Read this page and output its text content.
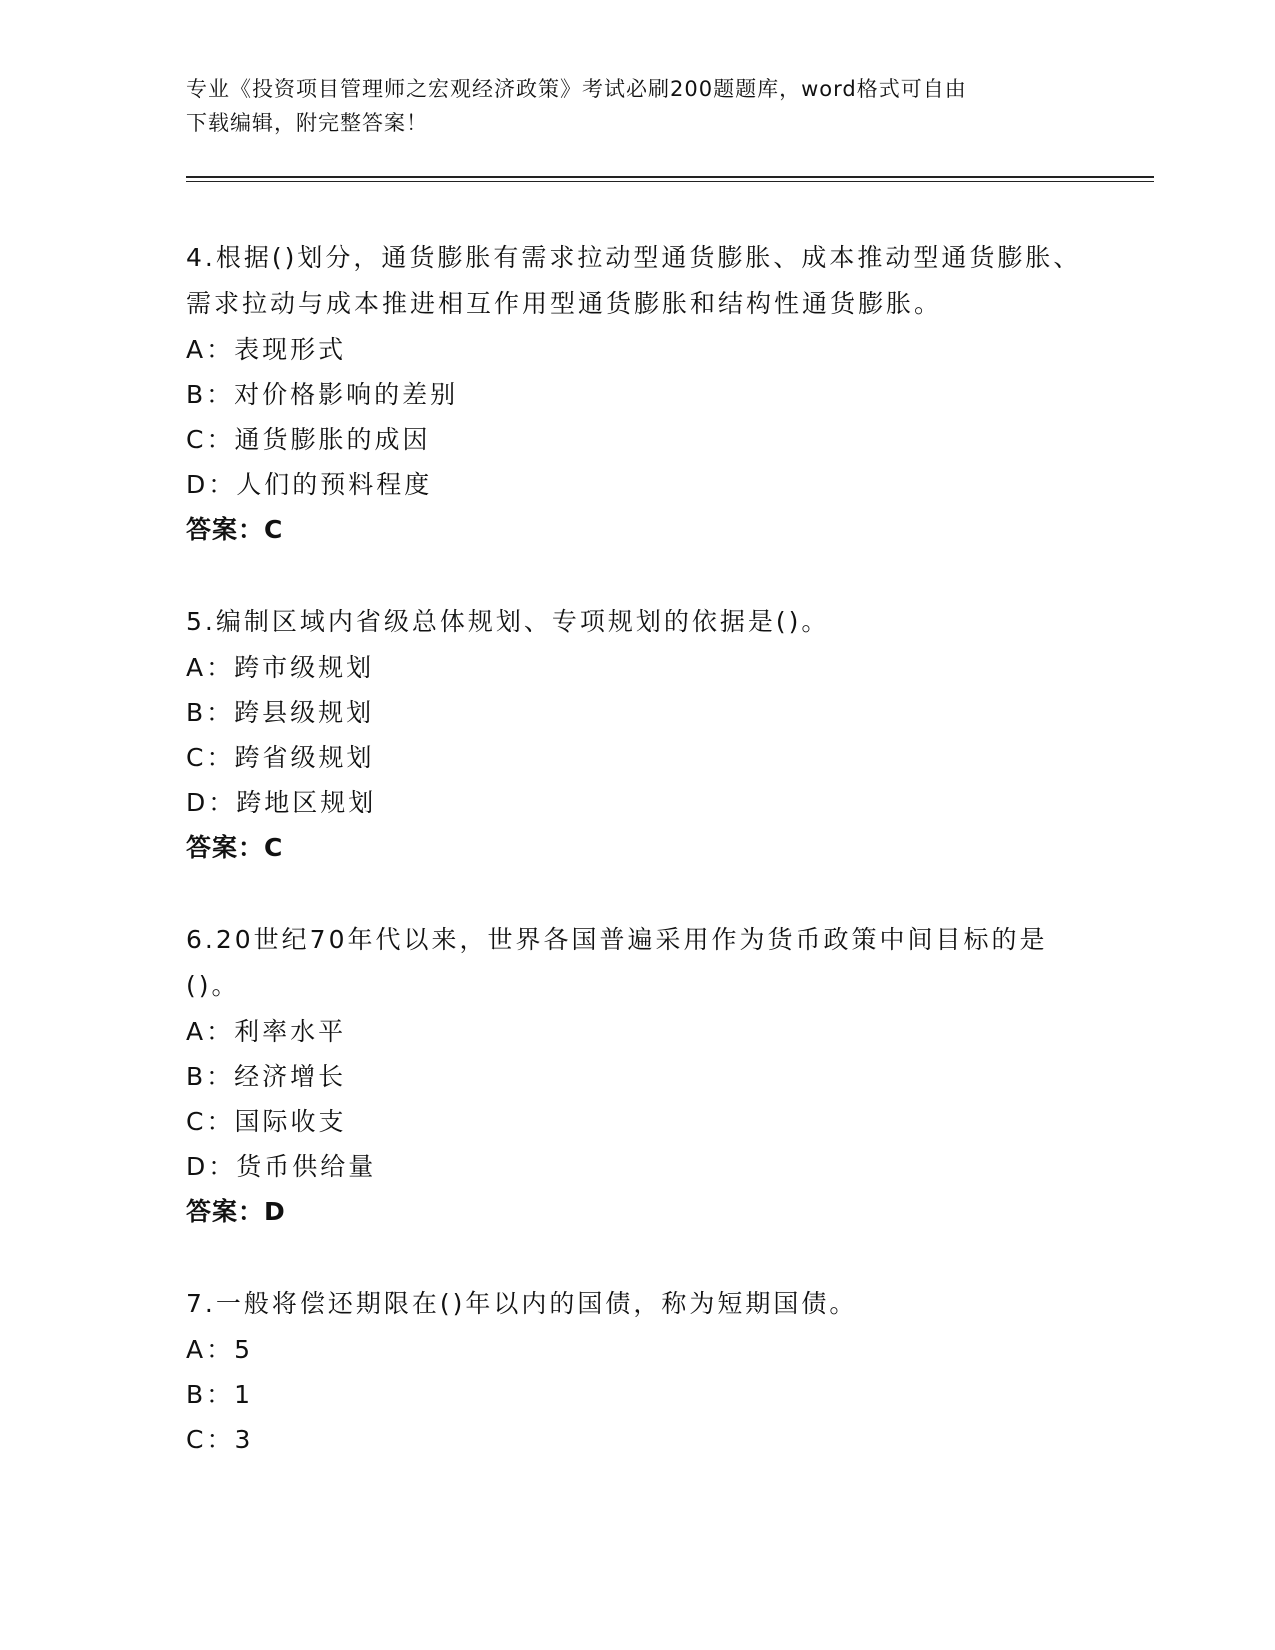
专业《投资项目管理师之宏观经济政策》考试必刷200题题库，word格式可自由
下载编辑，附完整答案！
4.根据()划分，通货膨胀有需求拉动型通货膨胀、成本推动型通货膨胀、需求拉动与成本推进相互作用型通货膨胀和结构性通货膨胀。
A：表现形式
B：对价格影响的差别
C：通货膨胀的成因
D：人们的预料程度
答案：C
5.编制区域内省级总体规划、专项规划的依据是()。
A：跨市级规划
B：跨县级规划
C：跨省级规划
D：跨地区规划
答案：C
6.20世纪70年代以来，世界各国普遍采用作为货币政策中间目标的是()。
A：利率水平
B：经济增长
C：国际收支
D：货币供给量
答案：D
7.一般将偿还期限在()年以内的国债，称为短期国债。
A：5
B：1
C：3
